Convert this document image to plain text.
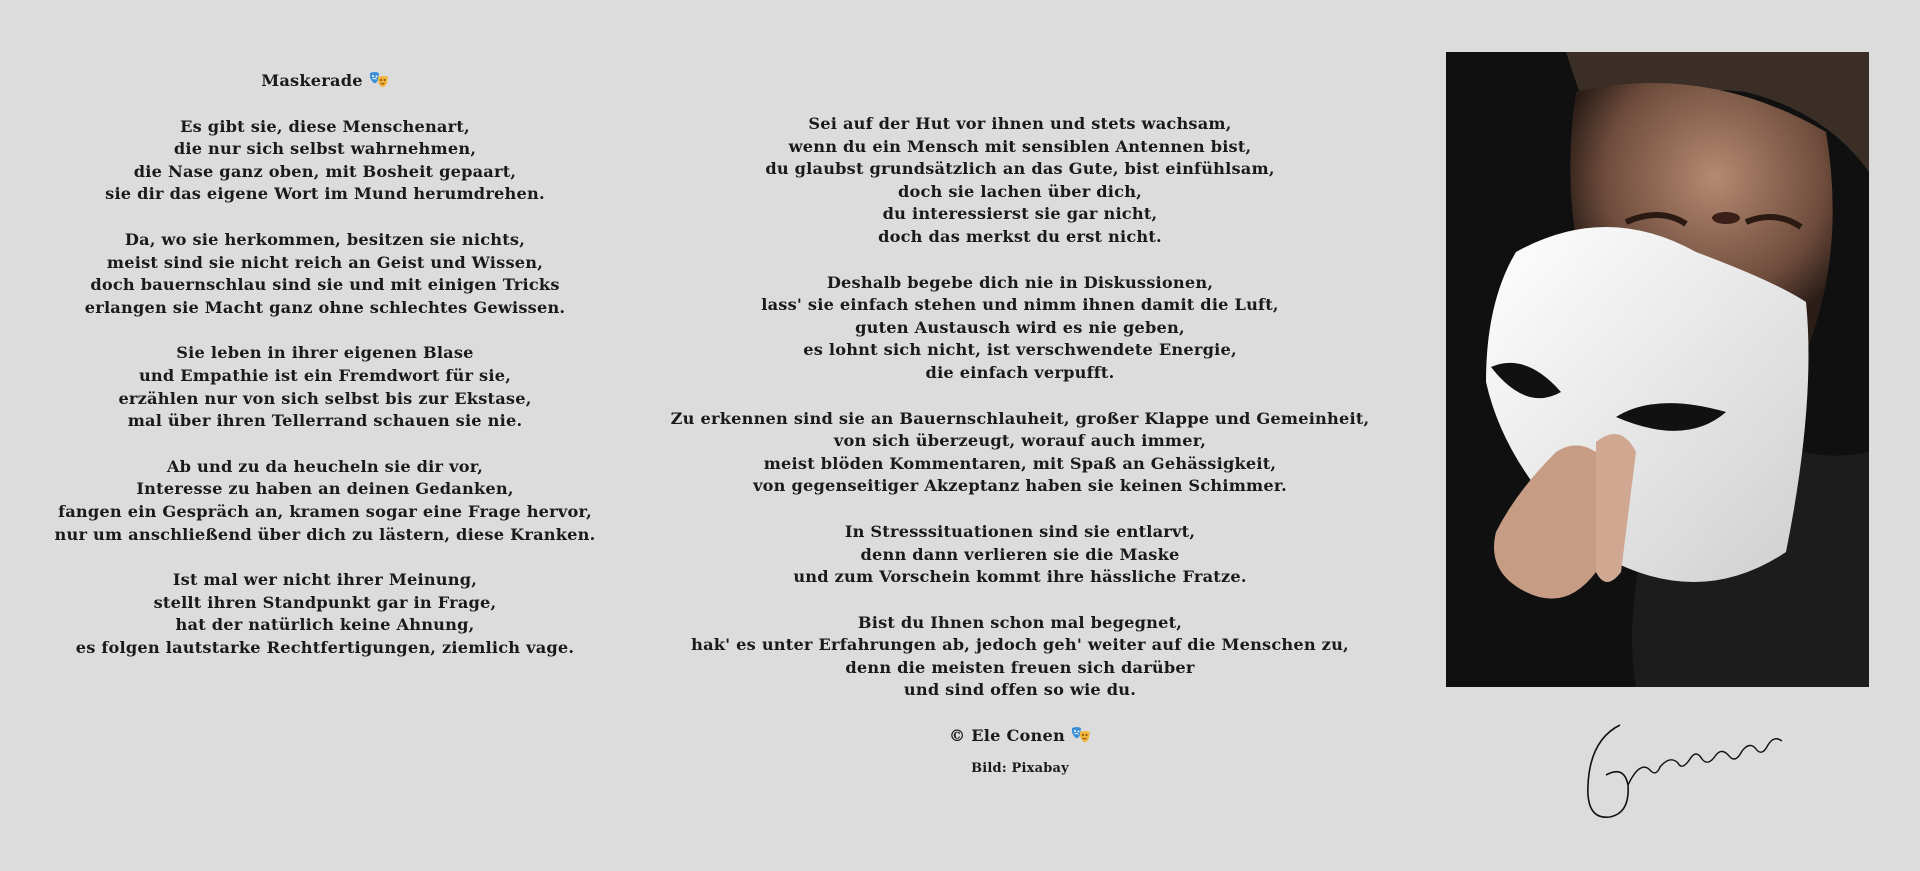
Maskerade
Es gibt sie, diese Menschenart,
die nur sich selbst wahrnehmen,
die Nase ganz oben, mit Bosheit gepaart,
sie dir das eigene Wort im Mund herumdrehen.
Da, wo sie herkommen, besitzen sie nichts,
meist sind sie nicht reich an Geist und Wissen,
doch bauernschlau sind sie und mit einigen Tricks
erlangen sie Macht ganz ohne schlechtes Gewissen.
Sie leben in ihrer eigenen Blase
und Empathie ist ein Fremdwort für sie,
erzählen nur von sich selbst bis zur Ekstase,
mal über ihren Tellerrand schauen sie nie.
Ab und zu da heucheln sie dir vor,
Interesse zu haben an deinen Gedanken,
fangen ein Gespräch an, kramen sogar eine Frage hervor,
nur um anschließend über dich zu lästern, diese Kranken.
Ist mal wer nicht ihrer Meinung,
stellt ihren Standpunkt gar in Frage,
hat der natürlich keine Ahnung,
es folgen lautstarke Rechtfertigungen, ziemlich vage.
Sei auf der Hut vor ihnen und stets wachsam,
wenn du ein Mensch mit sensiblen Antennen bist,
du glaubst grundsätzlich an das Gute, bist einfühlsam,
doch sie lachen über dich,
du interessierst sie gar nicht,
doch das merkst du erst nicht.
Deshalb begebe dich nie in Diskussionen,
lass' sie einfach stehen und nimm ihnen damit die Luft,
guten Austausch wird es nie geben,
es lohnt sich nicht, ist verschwendete Energie,
die einfach verpufft.
Zu erkennen sind sie an Bauernschlauheit, großer Klappe und Gemeinheit,
von sich überzeugt, worauf auch immer,
meist blöden Kommentaren, mit Spaß an Gehässigkeit,
von gegenseitiger Akzeptanz haben sie keinen Schimmer.
In Stresssituationen sind sie entlarvt,
denn dann verlieren sie die Maske
und zum Vorschein kommt ihre hässliche Fratze.
Bist du Ihnen schon mal begegnet,
hak' es unter Erfahrungen ab, jedoch geh' weiter auf die Menschen zu,
denn die meisten freuen sich darüber
und sind offen so wie du.
© Ele Conen
Bild: Pixabay
